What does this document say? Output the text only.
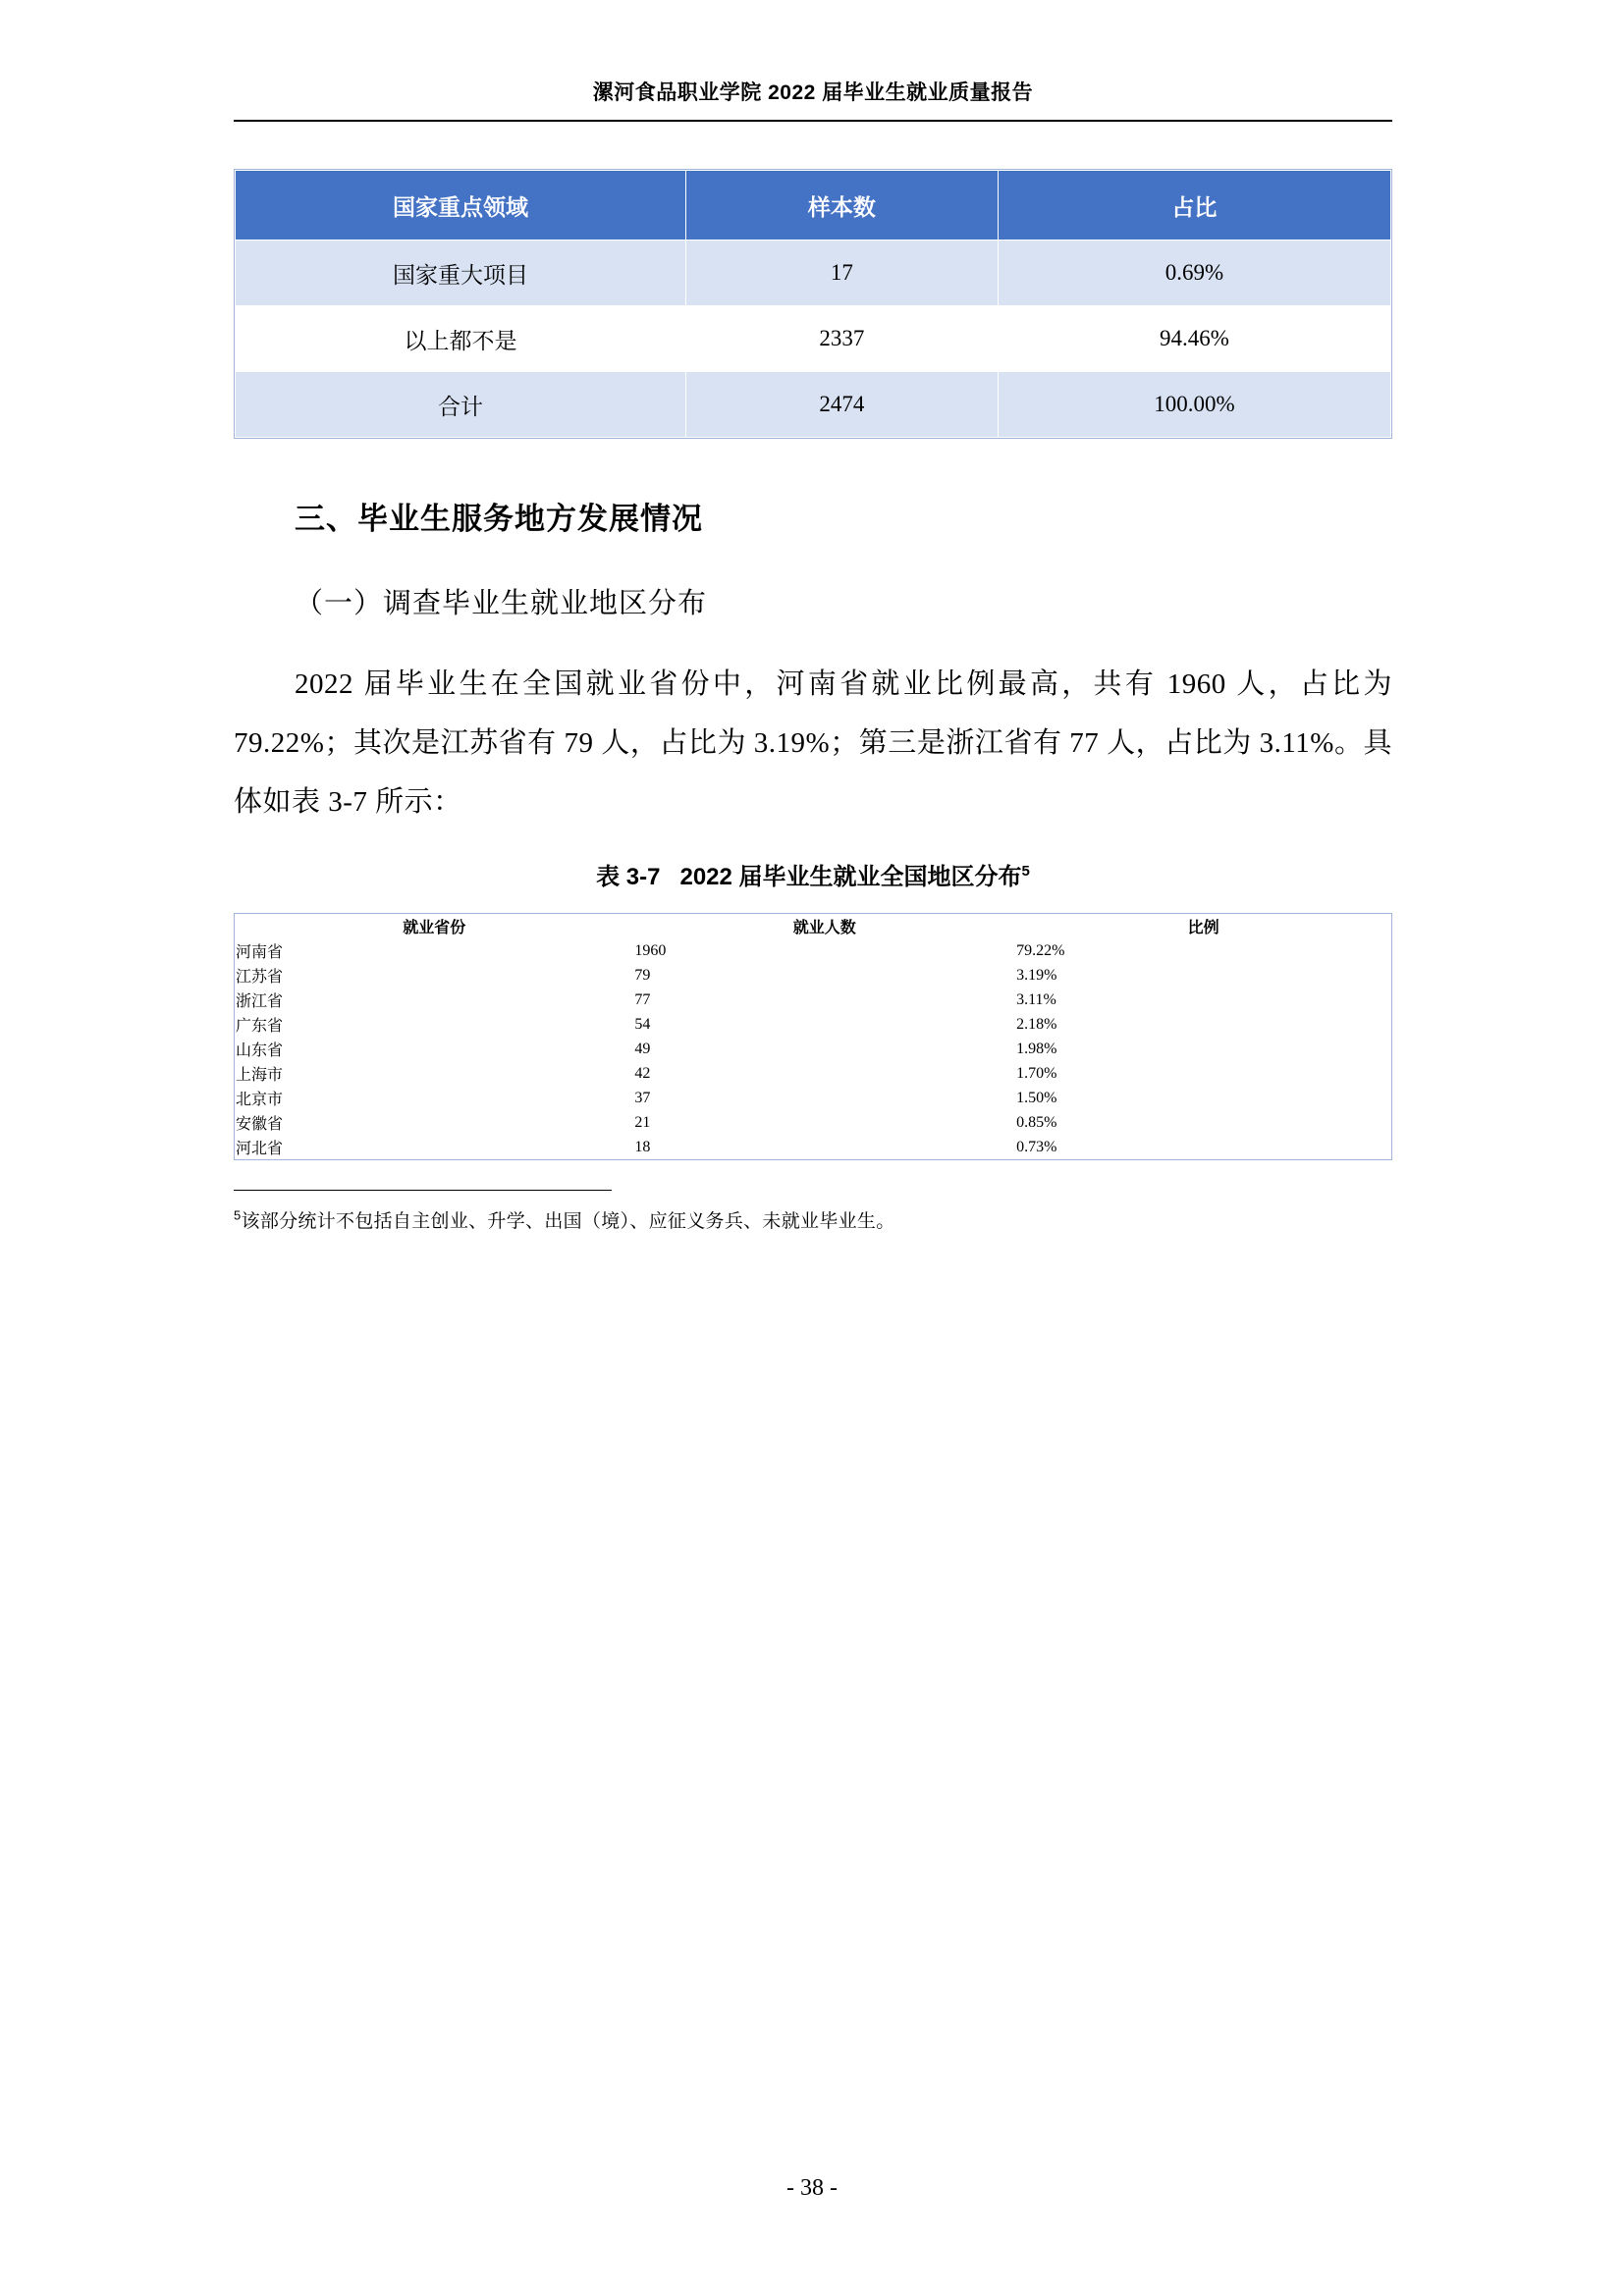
漯河食品职业学院 2022 届毕业生就业质量报告
国家重点领域	样本数	占比
国家重大项目	17	0.69%
以上都不是	2337	94.46%
合计	2474	100.00%
三、毕业生服务地方发展情况
（一）调查毕业生就业地区分布

2022 届毕业生在全国就业省份中，河南省就业比例最高，共有 1960 人，占比为 79.22%；其次是江苏省有 79 人，占比为 3.19%；第三是浙江省有 77 人，占比为 3.11%。具体如表 3-7 所示：

表 3-7 2022 届毕业生就业全国地区分布$^5$
就业省份	就业人数	比例
河南省	1960	79.22%
江苏省	79	3.19%
浙江省	77	3.11%
广东省	54	2.18%
山东省	49	1.98%
上海市	42	1.70%
北京市	37	1.50%
安徽省	21	0.85%
河北省	18	0.73%
$^5$该部分统计不包括自主创业、升学、出国（境）、应征义务兵、未就业毕业生。
- 38 -
